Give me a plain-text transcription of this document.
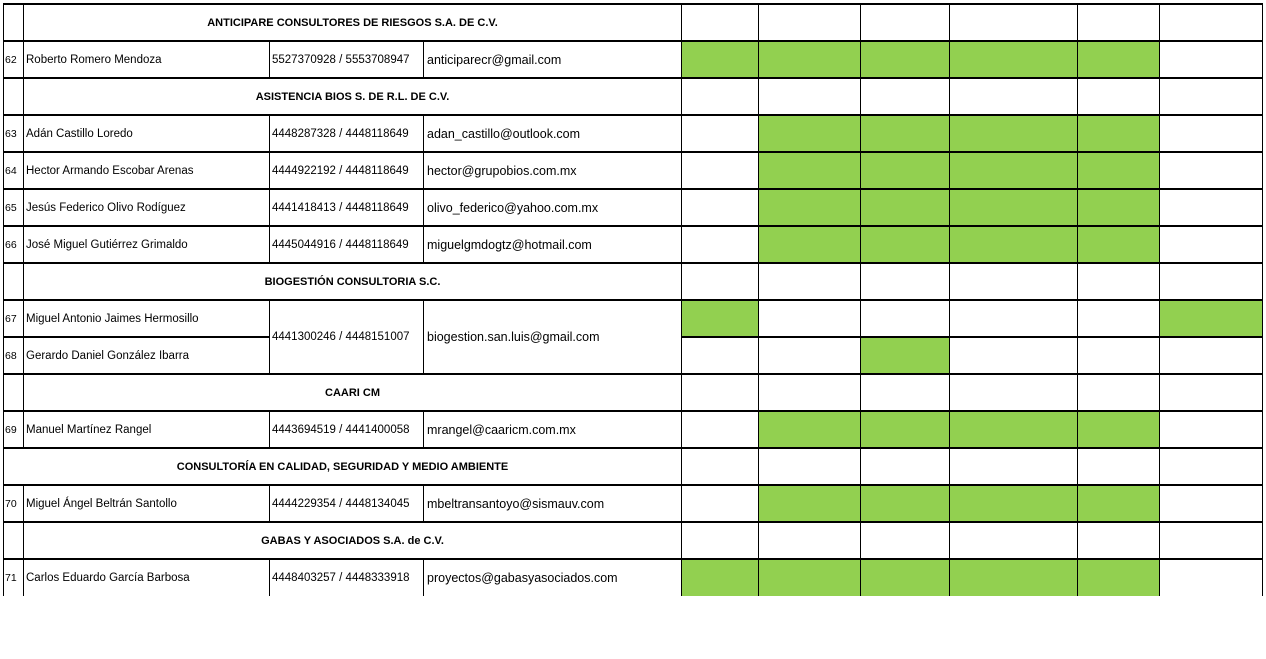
	ANTICIPARE CONSULTORES DE RIESGOS S.A. DE C.V.								
62	Roberto Romero Mendoza	5527370928 / 5553708947	anticiparecr@gmail.com						
	ASISTENCIA BIOS S. DE R.L. DE C.V.								
63	Adán Castillo Loredo	4448287328 / 4448118649	adan_castillo@outlook.com						
64	Hector Armando Escobar Arenas	4444922192 / 4448118649	hector@grupobios.com.mx						
65	Jesús Federico Olivo Rodíguez	4441418413 / 4448118649	olivo_federico@yahoo.com.mx						
66	José Miguel Gutiérrez Grimaldo	4445044916 / 4448118649	miguelgmdogtz@hotmail.com						
	BIOGESTIÓN CONSULTORIA S.C.								
67	Miguel Antonio Jaimes Hermosillo	4441300246 / 4448151007	biogestion.san.luis@gmail.com						
68	Gerardo Daniel González Ibarra								
	CAARI CM								
69	Manuel Martínez Rangel	4443694519 / 4441400058	mrangel@caaricm.com.mx						
CONSULTORÍA EN CALIDAD, SEGURIDAD Y MEDIO AMBIENTE									
70	Miguel Ángel Beltrán Santollo	4444229354 / 4448134045	mbeltransantoyo@sismauv.com						
	GABAS Y ASOCIADOS S.A. de C.V.								
71	Carlos Eduardo García Barbosa	4448403257 / 4448333918	proyectos@gabasyasociados.com						
